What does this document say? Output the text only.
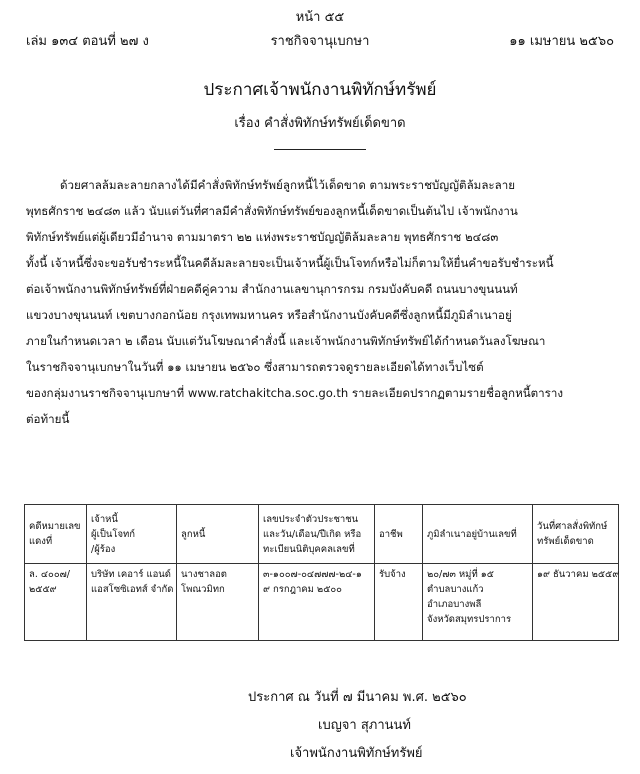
หน้า ๕๕
เล่ม ๑๓๔ ตอนที่ ๒๗ ง	ราชกิจจานุเบกษา	๑๑ เมษายน ๒๕๖๐
ประกาศเจ้าพนักงานพิทักษ์ทรัพย์
เรื่อง คำสั่งพิทักษ์ทรัพย์เด็ดขาด
ด้วยศาลล้มละลายกลางได้มีคำสั่งพิทักษ์ทรัพย์ลูกหนี้ไว้เด็ดขาด ตามพระราชบัญญัติล้มละลาย
พุทธศักราช ๒๔๘๓ แล้ว นับแต่วันที่ศาลมีคำสั่งพิทักษ์ทรัพย์ของลูกหนี้เด็ดขาดเป็นต้นไป เจ้าพนักงาน
พิทักษ์ทรัพย์แต่ผู้เดียวมีอำนาจ ตามมาตรา ๒๒ แห่งพระราชบัญญัติล้มละลาย พุทธศักราช ๒๔๘๓
ทั้งนี้ เจ้าหนี้ซึ่งจะขอรับชำระหนี้ในคดีล้มละลายจะเป็นเจ้าหนี้ผู้เป็นโจทก์หรือไม่ก็ตามให้ยื่นคำขอรับชำระหนี้
ต่อเจ้าพนักงานพิทักษ์ทรัพย์ที่ฝ่ายคดีคู่ความ สำนักงานเลขานุการกรม กรมบังคับคดี ถนนบางขุนนนท์
แขวงบางขุนนนท์ เขตบางกอกน้อย กรุงเทพมหานคร หรือสำนักงานบังคับคดีซึ่งลูกหนี้มีภูมิลำเนาอยู่
ภายในกำหนดเวลา ๒ เดือน นับแต่วันโฆษณาคำสั่งนี้ และเจ้าพนักงานพิทักษ์ทรัพย์ได้กำหนดวันลงโฆษณา
ในราชกิจจานุเบกษาในวันที่ ๑๑ เมษายน ๒๕๖๐ ซึ่งสามารถตรวจดูรายละเอียดได้ทางเว็บไซต์
ของกลุ่มงานราชกิจจานุเบกษาที่ www.ratchakitcha.soc.go.th รายละเอียดปรากฏตามรายชื่อลูกหนี้ตาราง
ต่อท้ายนี้
คดีหมายเลข
แดงที่	เจ้าหนี้
ผู้เป็นโจทก์
/ผู้ร้อง	ลูกหนี้	เลขประจำตัวประชาชน
และวัน/เดือน/ปีเกิด หรือ
ทะเบียนนิติบุคคลเลขที่	อาชีพ	ภูมิลำเนาอยู่บ้านเลขที่	วันที่ศาลสั่งพิทักษ์
ทรัพย์เด็ดขาด

ล. ๔๐๐๗/
๒๕๕๙	บริษัท เคอาร์ แอนด์
แอสโซซิเอทส์ จำกัด	นางชาลอต
โพณวมิทก	๓-๑๐๐๗-๐๔๗๗๗-๒๔-๑
๙ กรกฎาคม ๒๕๐๐	รับจ้าง	๒๐/๗๓ หมู่ที่ ๑๕
ตำบลบางแก้ว
อำเภอบางพลี
จังหวัดสมุทรปราการ	๑๙ ธันวาคม ๒๕๕๙
ประกาศ ณ วันที่ ๗ มีนาคม พ.ศ. ๒๕๖๐
เบญจา สุภานนท์
เจ้าพนักงานพิทักษ์ทรัพย์
